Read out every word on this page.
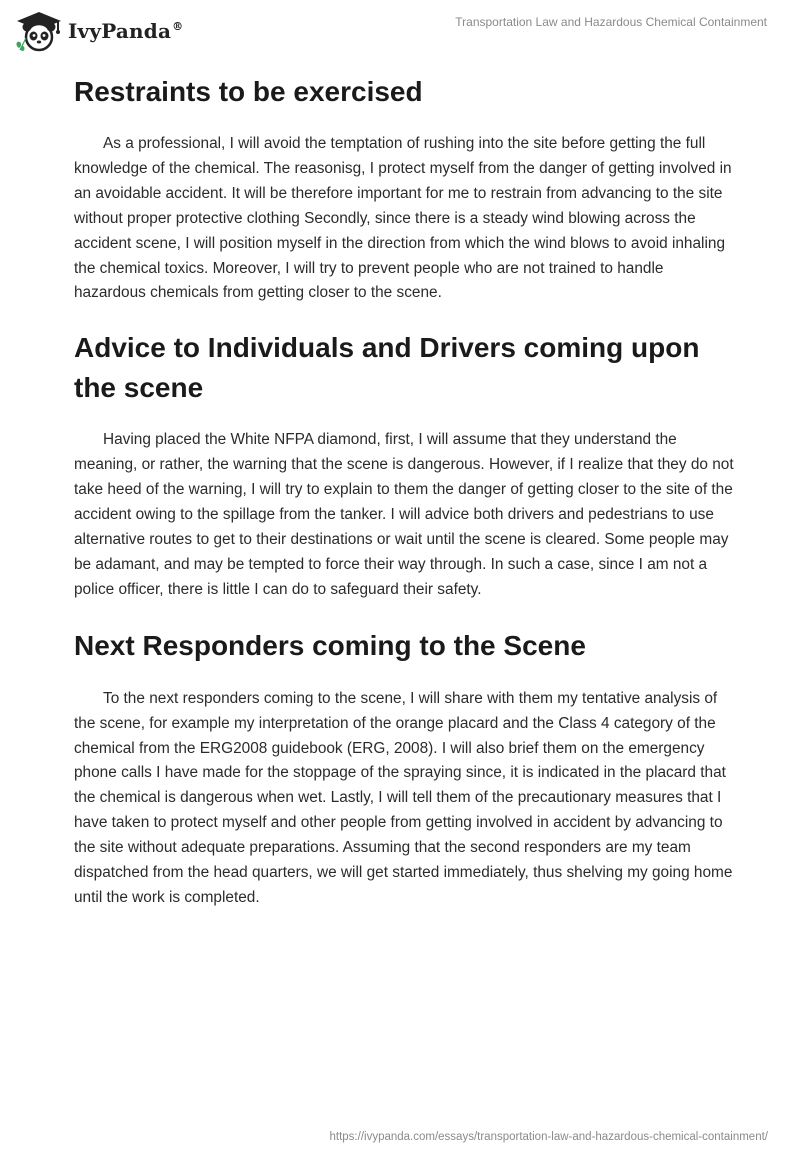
IvyPanda®	Transportation Law and Hazardous Chemical Containment
Restraints to be exercised

As a professional, I will avoid the temptation of rushing into the site before getting the full knowledge of the chemical. The reasonisg, I protect myself from the danger of getting involved in an avoidable accident. It will be therefore important for me to restrain from advancing to the site without proper protective clothing Secondly, since there is a steady wind blowing across the accident scene, I will position myself in the direction from which the wind blows to avoid inhaling the chemical toxics. Moreover, I will try to prevent people who are not trained to handle hazardous chemicals from getting closer to the scene.

Advice to Individuals and Drivers coming upon the scene

Having placed the White NFPA diamond, first, I will assume that they understand the meaning, or rather, the warning that the scene is dangerous. However, if I realize that they do not take heed of the warning, I will try to explain to them the danger of getting closer to the site of the accident owing to the spillage from the tanker. I will advice both drivers and pedestrians to use alternative routes to get to their destinations or wait until the scene is cleared. Some people may be adamant, and may be tempted to force their way through. In such a case, since I am not a police officer, there is little I can do to safeguard their safety.

Next Responders coming to the Scene

To the next responders coming to the scene, I will share with them my tentative analysis of the scene, for example my interpretation of the orange placard and the Class 4 category of the chemical from the ERG2008 guidebook (ERG, 2008). I will also brief them on the emergency phone calls I have made for the stoppage of the spraying since, it is indicated in the placard that the chemical is dangerous when wet. Lastly, I will tell them of the precautionary measures that I have taken to protect myself and other people from getting involved in accident by advancing to the site without adequate preparations. Assuming that the second responders are my team dispatched from the head quarters, we will get started immediately, thus shelving my going home until the work is completed.

https://ivypanda.com/essays/transportation-law-and-hazardous-chemical-containment/
